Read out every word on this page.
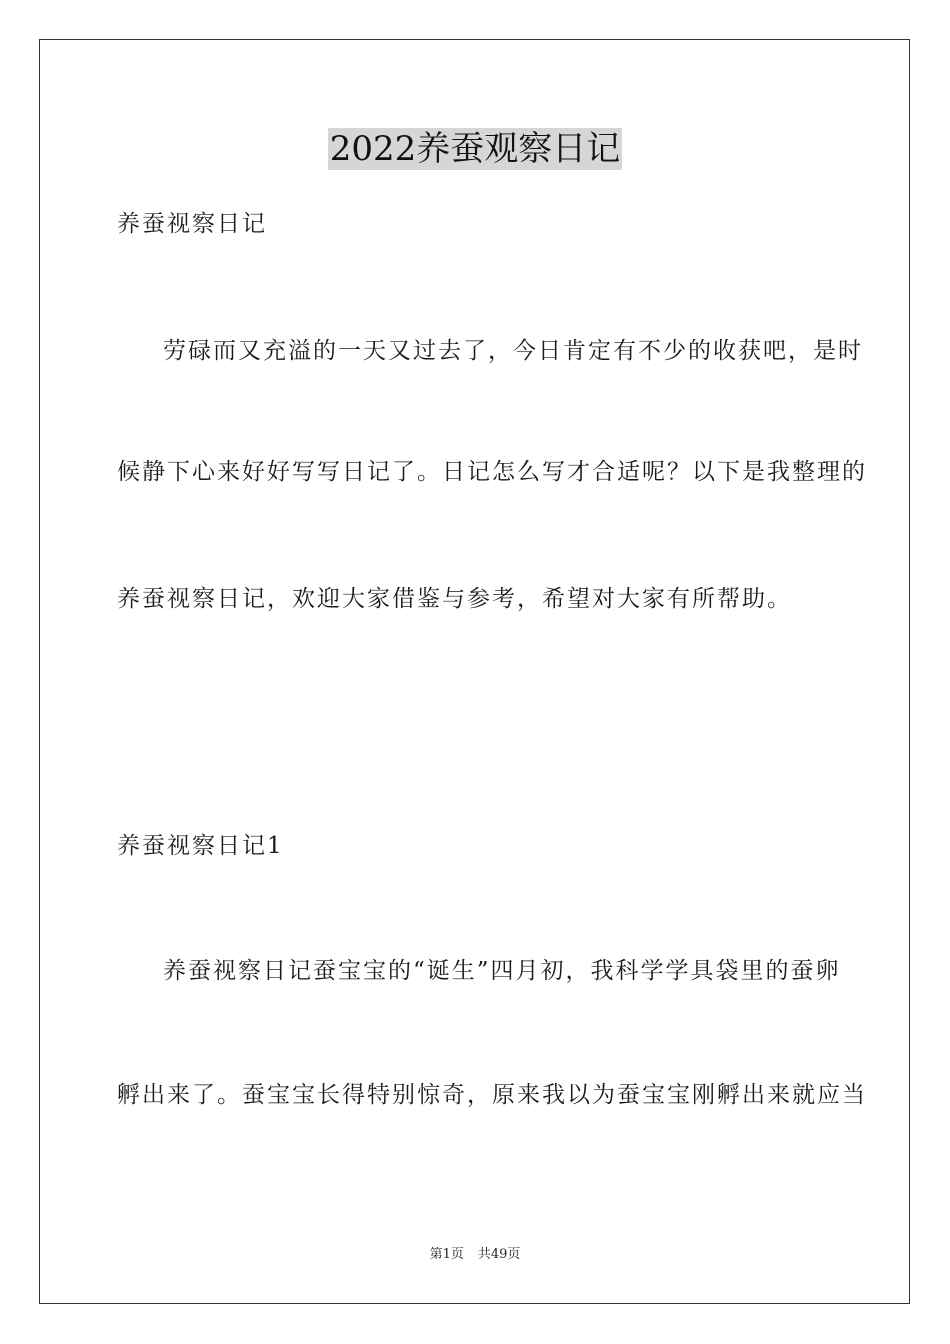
2022养蚕观察日记
养蚕视察日记
劳碌而又充溢的一天又过去了，今日肯定有不少的收获吧，是时
候静下心来好好写写日记了。日记怎么写才合适呢？以下是我整理的
养蚕视察日记，欢迎大家借鉴与参考，希望对大家有所帮助。
养蚕视察日记1
养蚕视察日记蚕宝宝的“诞生”四月初，我科学学具袋里的蚕卵
孵出来了。蚕宝宝长得特别惊奇，原来我以为蚕宝宝刚孵出来就应当
第1页 共49页
